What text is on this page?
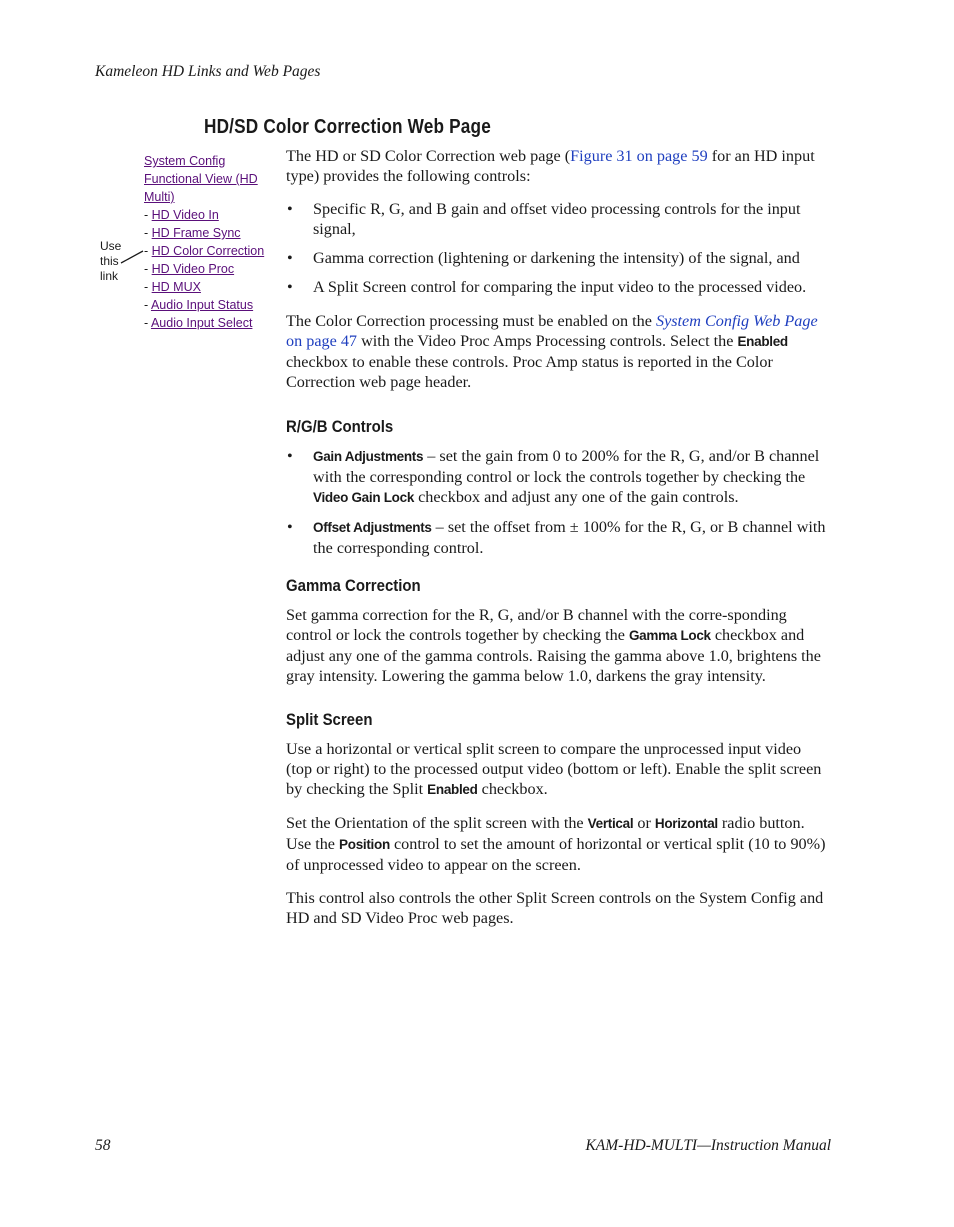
Kameleon HD Links and Web Pages
HD/SD Color Correction Web Page
Use
this
link
System Config
Functional View (HD
Multi)
- HD Video In
- HD Frame Sync
- HD Color Correction
- HD Video Proc
- HD MUX
- Audio Input Status
- Audio Input Select

The HD or SD Color Correction web page (Figure 31 on page 59 for an HD input type) provides the following controls:

• Specific R, G, and B gain and offset video processing controls for the input signal,
• Gamma correction (lightening or darkening the intensity) of the signal, and
• A Split Screen control for comparing the input video to the processed video.

The Color Correction processing must be enabled on the System Config Web Page on page 47 with the Video Proc Amps Processing controls. Select the Enabled checkbox to enable these controls. Proc Amp status is reported in the Color Correction web page header.

R/G/B Controls
• Gain Adjustments – set the gain from 0 to 200% for the R, G, and/or B channel with the corresponding control or lock the controls together by checking the Video Gain Lock checkbox and adjust any one of the gain controls.
• Offset Adjustments – set the offset from ± 100% for the R, G, or B channel with the corresponding control.
Gamma Correction

Set gamma correction for the R, G, and/or B channel with the corre-sponding control or lock the controls together by checking the Gamma Lock checkbox and adjust any one of the gamma controls. Raising the gamma above 1.0, brightens the gray intensity. Lowering the gamma below 1.0, darkens the gray intensity.

Split Screen

Use a horizontal or vertical split screen to compare the unprocessed input video (top or right) to the processed output video (bottom or left). Enable the split screen by checking the Split Enabled checkbox.

Set the Orientation of the split screen with the Vertical or Horizontal radio button. Use the Position control to set the amount of horizontal or vertical split (10 to 90%) of unprocessed video to appear on the screen.

This control also controls the other Split Screen controls on the System Config and HD and SD Video Proc web pages.

58	KAM-HD-MULTI—Instruction Manual
